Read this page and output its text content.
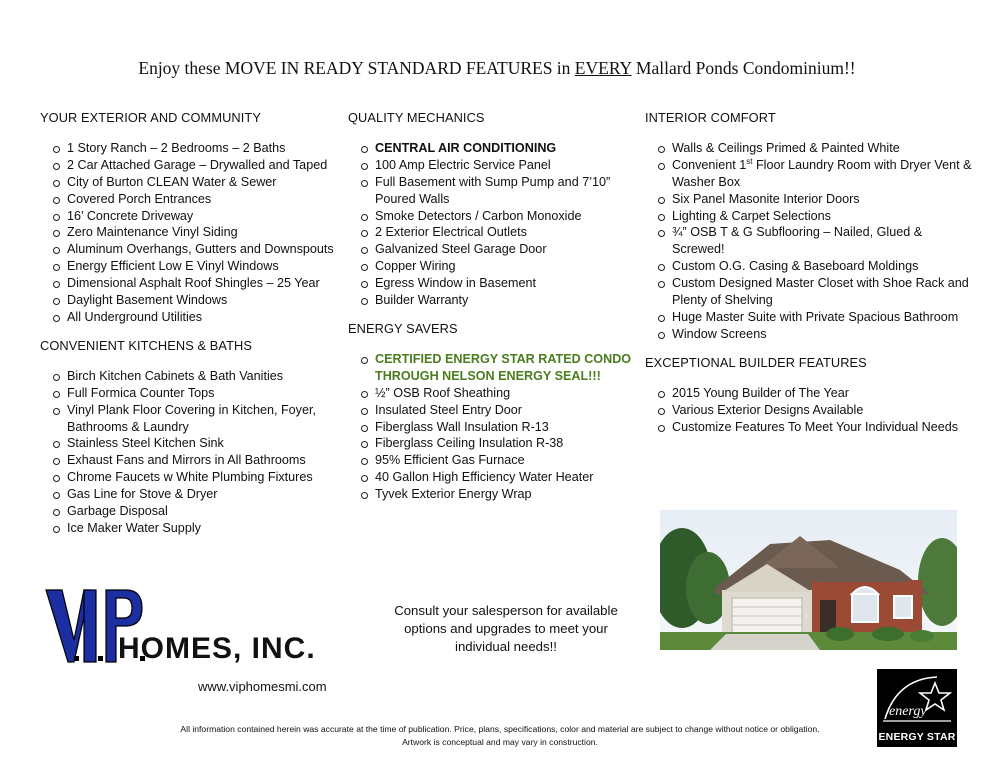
Enjoy these MOVE IN READY STANDARD FEATURES in EVERY Mallard Ponds Condominium!!
YOUR EXTERIOR AND COMMUNITY
1 Story Ranch – 2 Bedrooms – 2 Baths
2 Car Attached Garage – Drywalled and Taped
City of Burton CLEAN Water & Sewer
Covered Porch Entrances
16’ Concrete Driveway
Zero Maintenance Vinyl Siding
Aluminum Overhangs, Gutters and Downspouts
Energy Efficient Low E Vinyl Windows
Dimensional Asphalt Roof Shingles – 25 Year
Daylight Basement Windows
All Underground Utilities
CONVENIENT KITCHENS & BATHS
Birch Kitchen Cabinets & Bath Vanities
Full Formica Counter Tops
Vinyl Plank Floor Covering in Kitchen, Foyer, Bathrooms & Laundry
Stainless Steel Kitchen Sink
Exhaust Fans and Mirrors in All Bathrooms
Chrome Faucets w White Plumbing Fixtures
Gas Line for Stove & Dryer
Garbage Disposal
Ice Maker Water Supply
QUALITY MECHANICS
CENTRAL AIR CONDITIONING
100 Amp Electric Service Panel
Full Basement with Sump Pump and 7’10” Poured Walls
Smoke Detectors / Carbon Monoxide
2 Exterior Electrical Outlets
Galvanized Steel Garage Door
Copper Wiring
Egress Window in Basement
Builder Warranty
ENERGY SAVERS
CERTIFIED ENERGY STAR RATED CONDO THROUGH NELSON ENERGY SEAL!!!
½” OSB Roof Sheathing
Insulated Steel Entry Door
Fiberglass Wall Insulation R-13
Fiberglass Ceiling Insulation R-38
95% Efficient Gas Furnace
40 Gallon High Efficiency Water Heater
Tyvek Exterior Energy Wrap
INTERIOR COMFORT
Walls & Ceilings Primed & Painted White
Convenient 1st Floor Laundry Room with Dryer Vent & Washer Box
Six Panel Masonite Interior Doors
Lighting & Carpet Selections
¾” OSB T & G Subflooring – Nailed, Glued & Screwed!
Custom O.G. Casing & Baseboard Moldings
Custom Designed Master Closet with Shoe Rack and Plenty of Shelving
Huge Master Suite with Private Spacious Bathroom
Window Screens
EXCEPTIONAL BUILDER FEATURES
2015 Young Builder of The Year
Various Exterior Designs Available
Customize Features To Meet Your Individual Needs
HOMES, INC.
www.viphomesmi.com
Consult your salesperson for available options and upgrades to meet your individual needs!!
energy
ENERGY STAR
All information contained herein was accurate at the time of publication. Price, plans, specifications, color and material are subject to change without notice or obligation.
Artwork is conceptual and may vary in construction.
